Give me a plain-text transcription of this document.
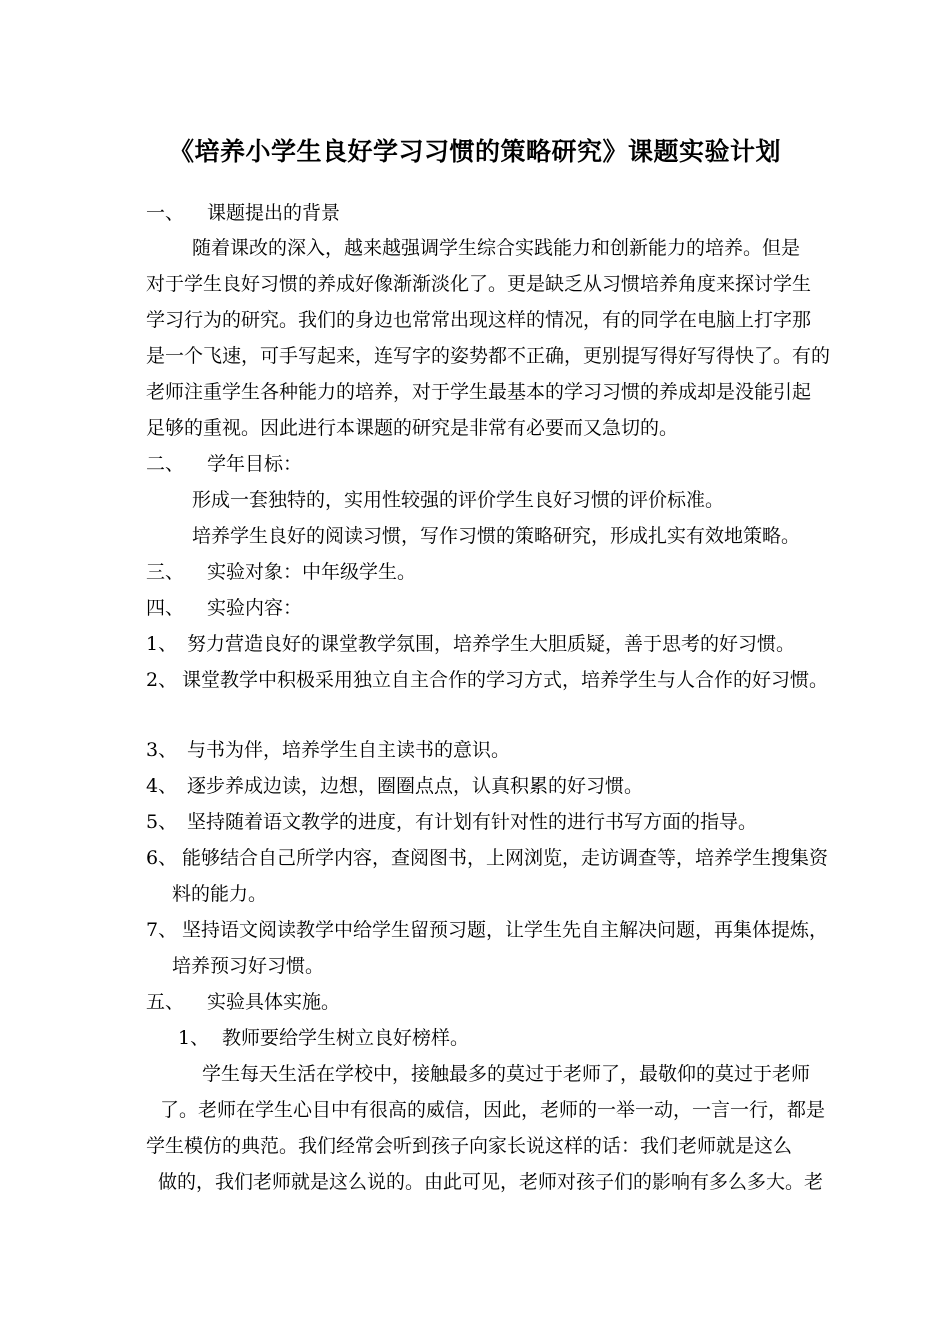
《培养小学生良好学习习惯的策略研究》课题实验计划
一、 课题提出的背景
随着课改的深入，越来越强调学生综合实践能力和创新能力的培养。但是
对于学生良好习惯的养成好像渐渐淡化了。更是缺乏从习惯培养角度来探讨学生
学习行为的研究。我们的身边也常常出现这样的情况，有的同学在电脑上打字那
是一个飞速，可手写起来，连写字的姿势都不正确，更别提写得好写得快了。有的
老师注重学生各种能力的培养，对于学生最基本的学习习惯的养成却是没能引起
足够的重视。因此进行本课题的研究是非常有必要而又急切的。
二、 学年目标：
形成一套独特的，实用性较强的评价学生良好习惯的评价标准。
培养学生良好的阅读习惯，写作习惯的策略研究，形成扎实有效地策略。
三、 实验对象：中年级学生。
四、 实验内容：
1、 努力营造良好的课堂教学氛围，培养学生大胆质疑，善于思考的好习惯。
2、 课堂教学中积极采用独立自主合作的学习方式，培养学生与人合作的好习惯。
3、 与书为伴，培养学生自主读书的意识。
4、 逐步养成边读，边想，圈圈点点，认真积累的好习惯。
5、 坚持随着语文教学的进度，有计划有针对性的进行书写方面的指导。
6、 能够结合自己所学内容，查阅图书，上网浏览，走访调查等，培养学生搜集资
料的能力。
7、 坚持语文阅读教学中给学生留预习题，让学生先自主解决问题，再集体提炼，
培养预习好习惯。
五、 实验具体实施。
1、 教师要给学生树立良好榜样。
学生每天生活在学校中，接触最多的莫过于老师了，最敬仰的莫过于老师
了。老师在学生心目中有很高的威信，因此，老师的一举一动，一言一行，都是
学生模仿的典范。我们经常会听到孩子向家长说这样的话：我们老师就是这么
做的，我们老师就是这么说的。由此可见，老师对孩子们的影响有多么多大。老
